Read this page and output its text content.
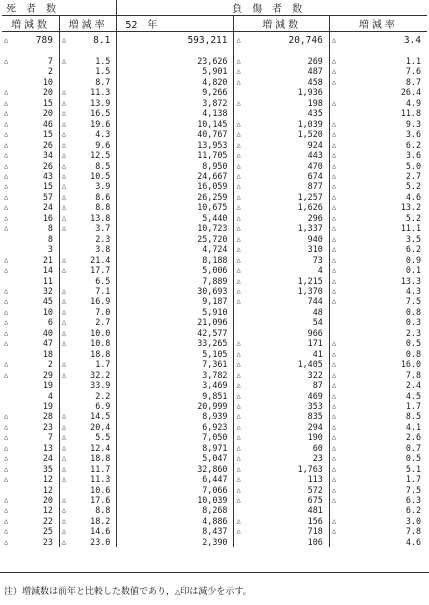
死者数				負傷者数				
増減数		増減率		52　年	増減数		増減率	
△	789	△	8.1	593,211	△	20,746	△	3.4

△	7	△	1.5	23,626	△	269	△	1.1
	2		1.5	5,901	△	487	△	7.6
	10		8.7	4,820	△	458	△	8.7
△	20	△	11.3	9,266		1,936		26.4
△	15	△	13.9	3,872	△	198	△	4.9
△	20	△	16.5	4,138		435		11.8
△	46	△	19.6	10,145	△	1,039	△	9.3
△	15	△	4.3	40,767	△	1,520	△	3.6
△	26	△	9.6	13,953	△	924	△	6.2
△	34	△	12.5	11,705	△	443	△	3.6
△	26	△	8.5	8,950	△	470	△	5.0
△	43	△	10.5	24,667	△	674	△	2.7
△	15	△	3.9	16,059	△	877	△	5.2
△	57	△	8.6	26,259	△	1,257	△	4.6
△	24	△	8.8	10,675	△	1,626	△	13.2
△	16	△	13.8	5,440	△	296	△	5.2
△	8	△	3.7	10,723	△	1,337	△	11.1
	8		2.3	25,720	△	940	△	3.5
	3		3.8	4,724	△	310	△	6.2
△	21	△	21.4	8,188	△	73	△	0.9
△	14	△	17.7	5,006	△	4	△	0.1
	11		6.5	7,889	△	1,215	△	13.3
△	32	△	7.1	30,693	△	1,370	△	4.3
△	45	△	16.9	9,187	△	744	△	7.5
△	10	△	7.0	5,910		48		0.8
△	6	△	2.7	21,096		54		0.3
△	40	△	10.0	42,577		966		2.3
△	47	△	10.8	33,265	△	171	△	0.5
	18		18.8	5,105	△	41	△	0.8
△	2	△	1.7	7,361	△	1,405	△	16.0
△	29	△	32.2	3,782	△	322	△	7.8
	19		33.9	3,469	△	87	△	2.4
	4		2.2	9,851	△	469	△	4.5
	19		6.9	20,999	△	353	△	1.7
△	28	△	14.5	8,939	△	835	△	8.5
△	23	△	20.4	6,923	△	294	△	4.1
△	7	△	5.5	7,050	△	190	△	2.6
△	13	△	12.4	8,971	△	60	△	0.7
△	24	△	18.8	5,047	△	23	△	0.5
△	35	△	11.7	32,860	△	1,763	△	5.1
△	12	△	11.3	6,447	△	113	△	1.7
	12		10.6	7,066	△	572	△	7.5
△	20	△	17.6	10,039	△	675	△	6.3
△	12	△	8.8	8,268		481		6.2
△	22	△	18.2	4,886	△	156	△	3.0
△	25	△	14.6	8,437	△	718	△	7.8
△	23	△	23.0	2,390		106		4.6
注）増減数は前年と比較した数値であり，△印は減少を示す。
